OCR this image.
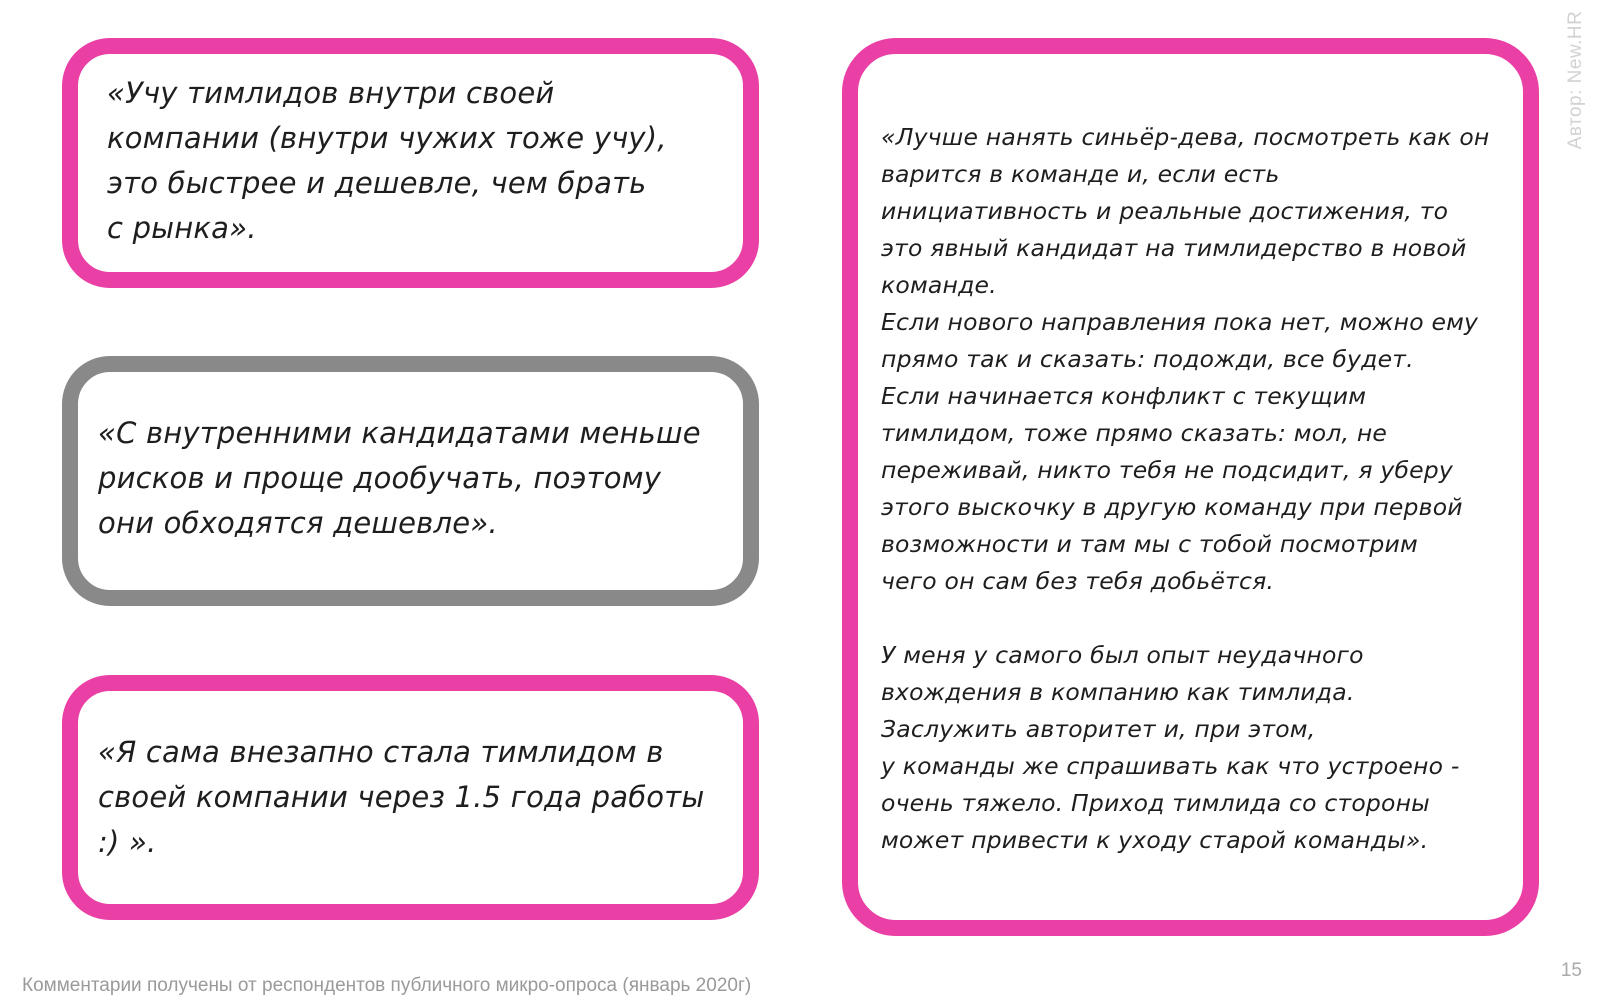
«Учу тимлидов внутри своей
компании (внутри чужих тоже учу),
это быстрее и дешевле, чем брать
с рынка».

«С внутренними кандидатами меньше
рисков и проще дообучать, поэтому
они обходятся дешевле».

«Я сама внезапно стала тимлидом в
своей компании через 1.5 года работы
:) ».

«Лучше нанять синьёр-дева, посмотреть как он
варится в команде и, если есть
инициативность и реальные достижения, то
это явный кандидат на тимлидерство в новой
команде.
Если нового направления пока нет, можно ему
прямо так и сказать: подожди, все будет.
Если начинается конфликт с текущим
тимлидом, тоже прямо сказать: мол, не
переживай, никто тебя не подсидит, я уберу
этого выскочку в другую команду при первой
возможности и там мы с тобой посмотрим
чего он сам без тебя добьётся.

У меня у самого был опыт неудачного
вхождения в компанию как тимлида.
Заслужить авторитет и, при этом,
у команды же спрашивать как что устроено -
очень тяжело. Приход тимлида со стороны
может привести к уходу старой команды».

Автор: New.HR
Комментарии получены от респондентов публичного микро-опроса (январь 2020г)
15
